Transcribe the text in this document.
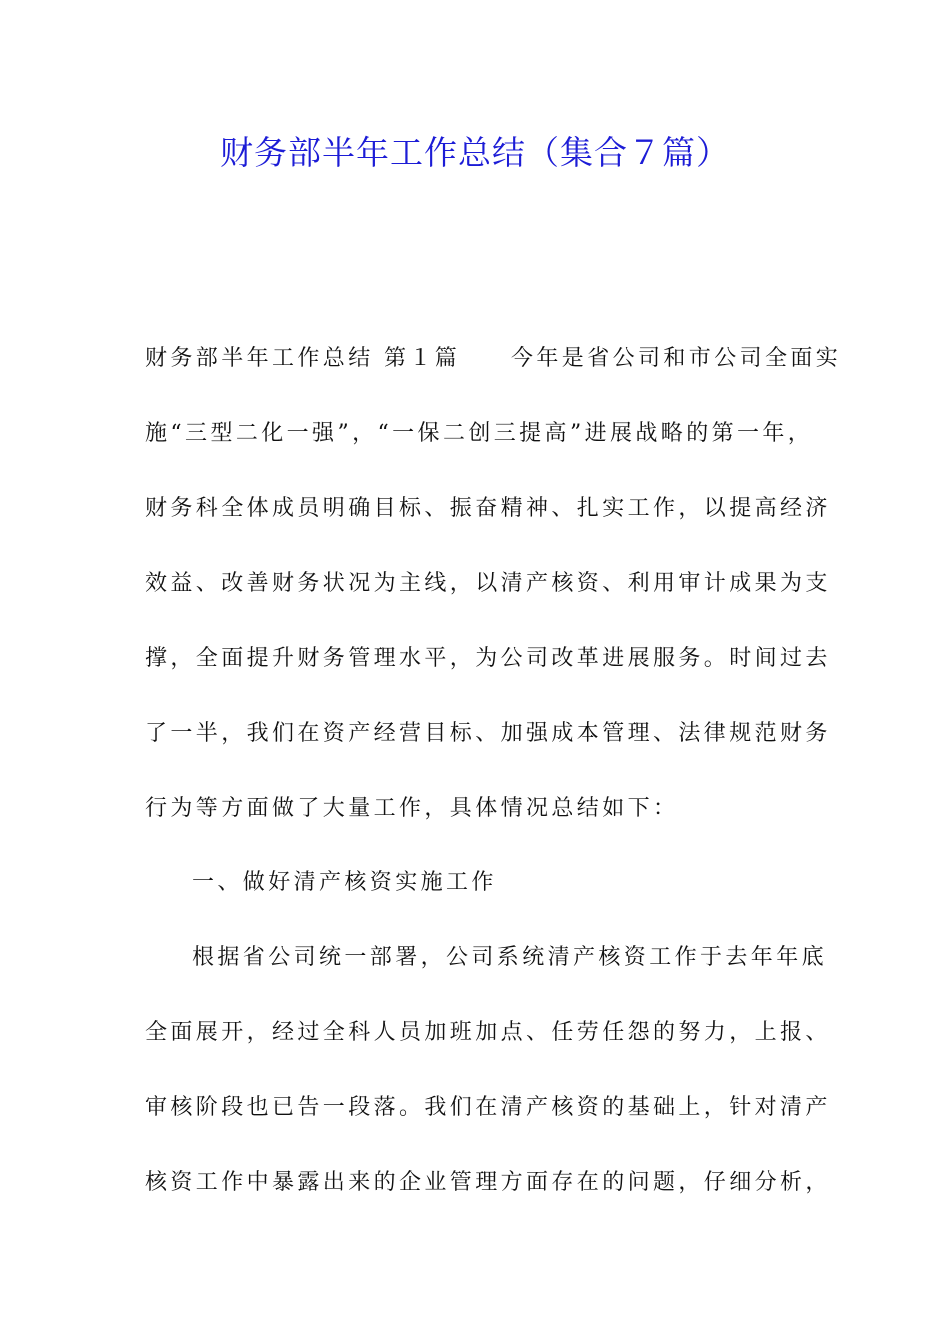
财务部半年工作总结（集合７篇）
财务部半年工作总结 第１篇　　今年是省公司和市公司全面实
施“三型二化一强”，“一保二创三提高”进展战略的第一年，
财务科全体成员明确目标、振奋精神、扎实工作，以提高经济
效益、改善财务状况为主线，以清产核资、利用审计成果为支
撑，全面提升财务管理水平，为公司改革进展服务。时间过去
了一半，我们在资产经营目标、加强成本管理、法律规范财务
行为等方面做了大量工作，具体情况总结如下：
一、做好清产核资实施工作
根据省公司统一部署，公司系统清产核资工作于去年年底
全面展开，经过全科人员加班加点、任劳任怨的努力，上报、
审核阶段也已告一段落。我们在清产核资的基础上，针对清产
核资工作中暴露出来的企业管理方面存在的问题，仔细分析，
